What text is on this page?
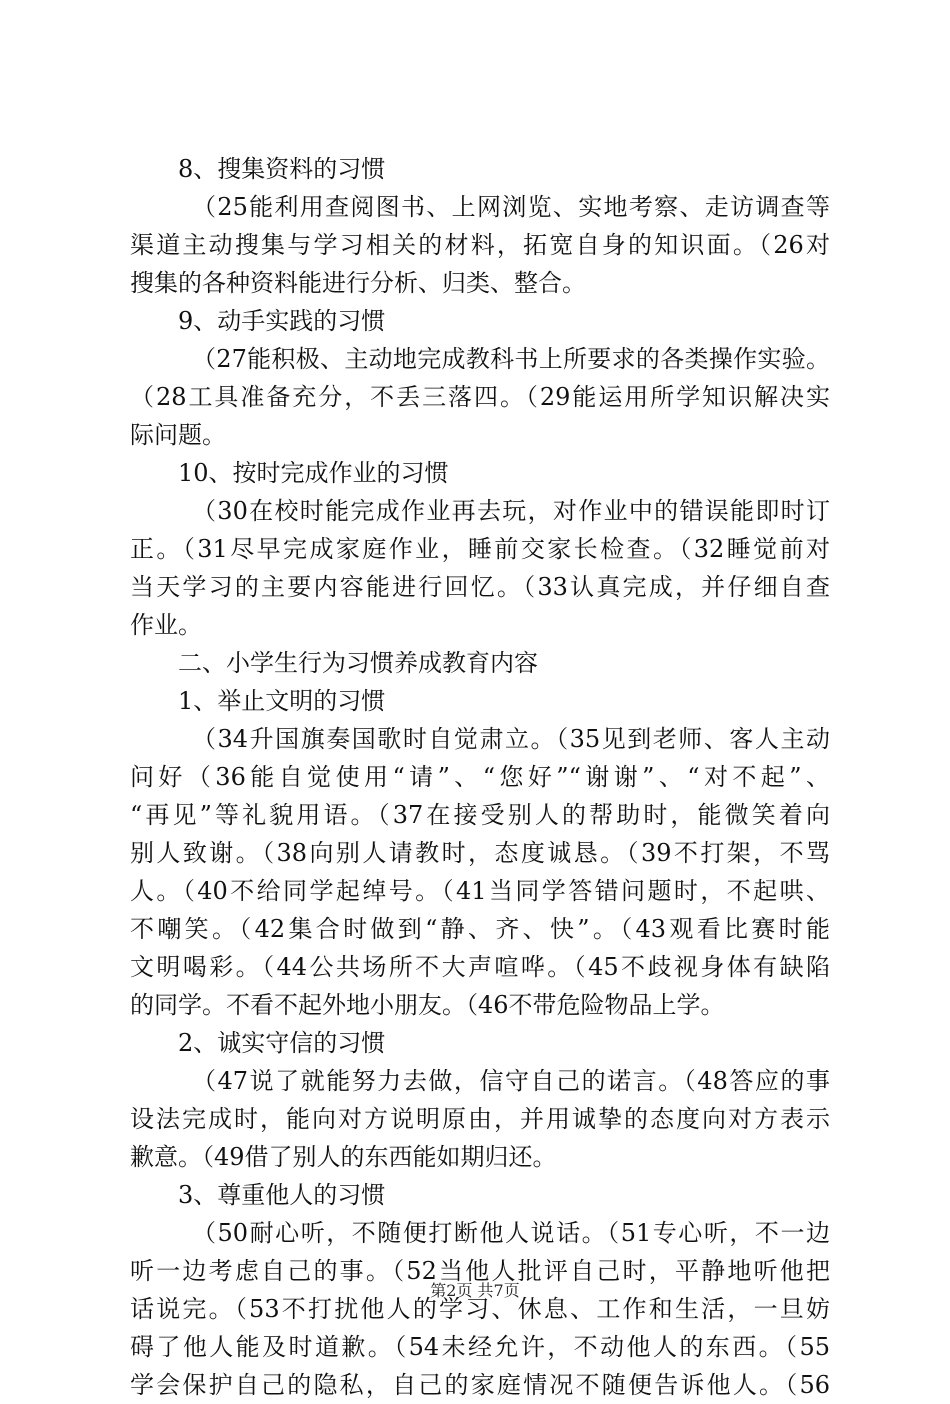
8、搜集资料的习惯
（25能利用查阅图书、上网浏览、实地考察、走访调查等
渠道主动搜集与学习相关的材料，拓宽自身的知识面。（26对
搜集的各种资料能进行分析、归类、整合。
9、动手实践的习惯
（27能积极、主动地完成教科书上所要求的各类操作实验。
（28工具准备充分，不丢三落四。（29能运用所学知识解决实
际问题。
10、按时完成作业的习惯
（30在校时能完成作业再去玩，对作业中的错误能即时订
正。（31尽早完成家庭作业，睡前交家长检查。（32睡觉前对
当天学习的主要内容能进行回忆。（33认真完成，并仔细自查
作业。
二、小学生行为习惯养成教育内容
1、举止文明的习惯
（34升国旗奏国歌时自觉肃立。（35见到老师、客人主动
问好（36能自觉使用“请”、“您好”“谢谢”、“对不起”、
“再见”等礼貌用语。（37在接受别人的帮助时，能微笑着向
别人致谢。（38向别人请教时，态度诚恳。（39不打架，不骂
人。（40不给同学起绰号。（41当同学答错问题时，不起哄、
不嘲笑。（42集合时做到“静、齐、快”。（43观看比赛时能
文明喝彩。（44公共场所不大声喧哗。（45不歧视身体有缺陷
的同学。不看不起外地小朋友。（46不带危险物品上学。
2、诚实守信的习惯
（47说了就能努力去做，信守自己的诺言。（48答应的事
设法完成时，能向对方说明原由，并用诚挚的态度向对方表示
歉意。（49借了别人的东西能如期归还。
3、尊重他人的习惯
（50耐心听，不随便打断他人说话。（51专心听，不一边
听一边考虑自己的事。（52当他人批评自己时，平静地听他把
话说完。（53不打扰他人的学习、休息、工作和生活，一旦妨
碍了他人能及时道歉。（54未经允许，不动他人的东西。（55
学会保护自己的隐私，自己的家庭情况不随便告诉他人。（56
第2页 共7页
